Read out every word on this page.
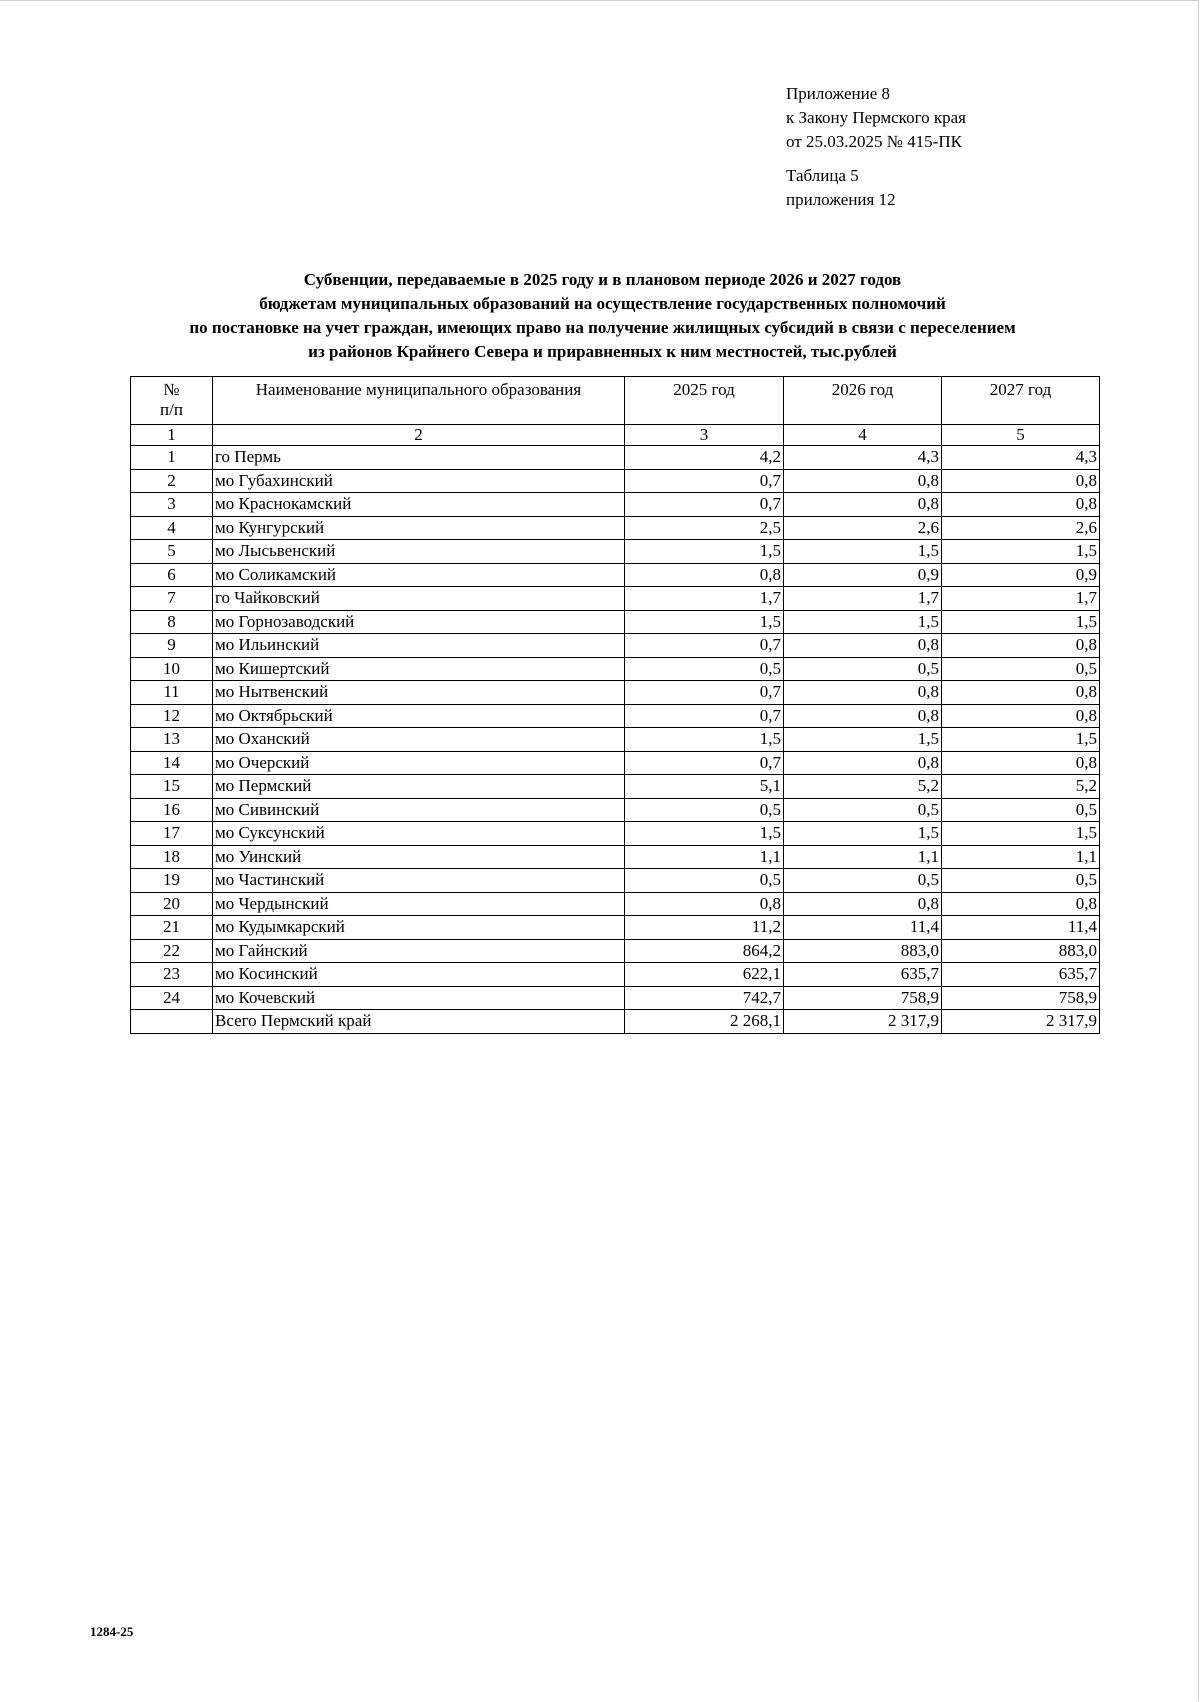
Приложение 8
к Закону Пермского края
от 25.03.2025 № 415-ПК
Таблица 5
приложения 12
Субвенции, передаваемые в 2025 году и в плановом периоде 2026 и 2027 годов
бюджетам муниципальных образований на осуществление государственных полномочий
по постановке на учет граждан, имеющих право на получение жилищных субсидий в связи с переселением
из районов Крайнего Севера и приравненных к ним местностей, тыс.рублей
№
п/п	Наименование муниципального образования	2025 год	2026 год	2027 год
1	2	3	4	5
1	го Пермь	4,2	4,3	4,3
2	мо Губахинский	0,7	0,8	0,8
3	мо Краснокамский	0,7	0,8	0,8
4	мо Кунгурский	2,5	2,6	2,6
5	мо Лысьвенский	1,5	1,5	1,5
6	мо Соликамский	0,8	0,9	0,9
7	го Чайковский	1,7	1,7	1,7
8	мо Горнозаводский	1,5	1,5	1,5
9	мо Ильинский	0,7	0,8	0,8
10	мо Кишертский	0,5	0,5	0,5
11	мо Нытвенский	0,7	0,8	0,8
12	мо Октябрьский	0,7	0,8	0,8
13	мо Оханский	1,5	1,5	1,5
14	мо Очерский	0,7	0,8	0,8
15	мо Пермский	5,1	5,2	5,2
16	мо Сивинский	0,5	0,5	0,5
17	мо Суксунский	1,5	1,5	1,5
18	мо Уинский	1,1	1,1	1,1
19	мо Частинский	0,5	0,5	0,5
20	мо Чердынский	0,8	0,8	0,8
21	мо Кудымкарский	11,2	11,4	11,4
22	мо Гайнский	864,2	883,0	883,0
23	мо Косинский	622,1	635,7	635,7
24	мо Кочевский	742,7	758,9	758,9
	Всего Пермский край	2 268,1	2 317,9	2 317,9
1284-25
